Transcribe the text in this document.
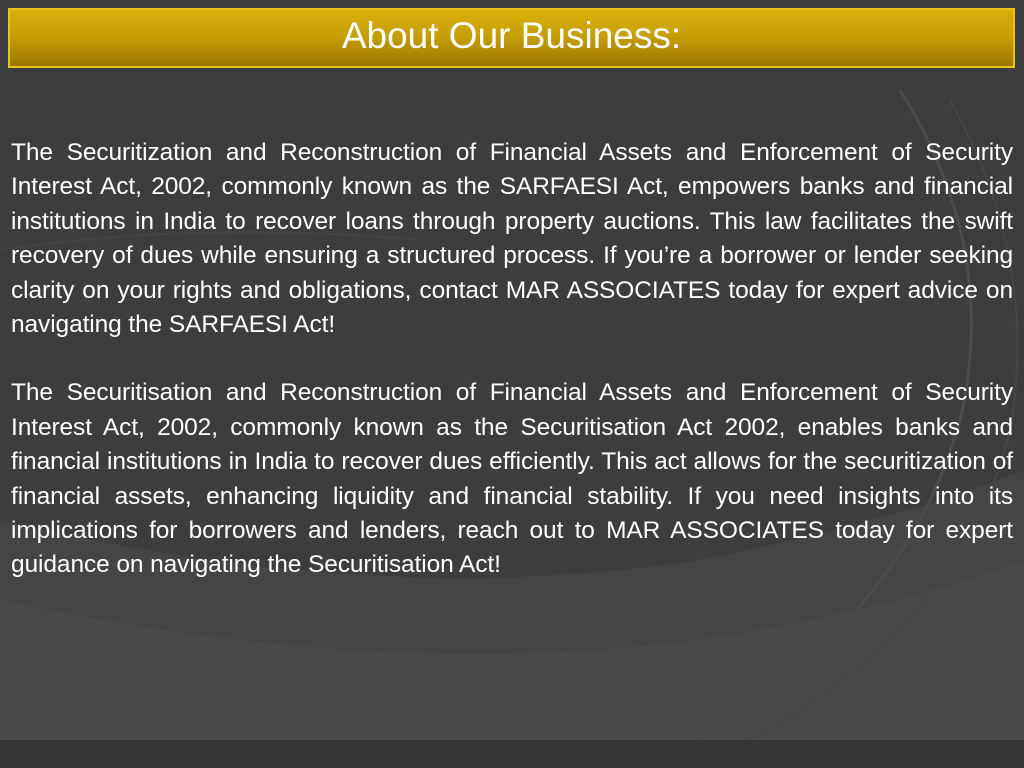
About Our Business:

The Securitization and Reconstruction of Financial Assets and Enforcement of Security Interest Act, 2002, commonly known as the SARFAESI Act, empowers banks and financial institutions in India to recover loans through property auctions. This law facilitates the swift recovery of dues while ensuring a structured process. If you’re a borrower or lender seeking clarity on your rights and obligations, contact MAR ASSOCIATES today for expert advice on navigating the SARFAESI Act!

The Securitisation and Reconstruction of Financial Assets and Enforcement of Security Interest Act, 2002, commonly known as the Securitisation Act 2002, enables banks and financial institutions in India to recover dues efficiently. This act allows for the securitization of financial assets, enhancing liquidity and financial stability. If you need insights into its implications for borrowers and lenders, reach out to MAR ASSOCIATES today for expert guidance on navigating the Securitisation Act!
